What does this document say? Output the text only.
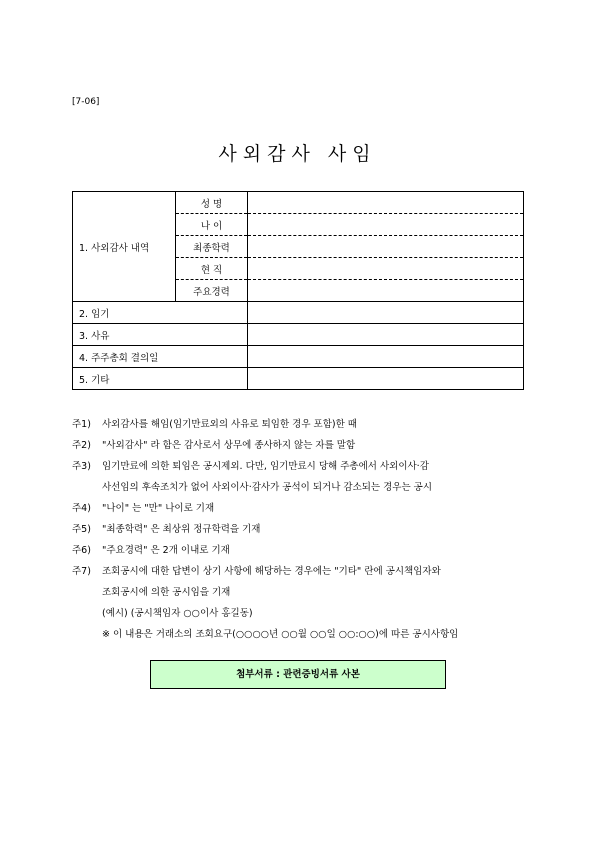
[7-06]
사외감사 사임
1. 사외감사 내역	성 명	
	나 이	
	최종학력	
	현 직	
	주요경력	
2. 임기		
3. 사유		
4. 주주총회 결의일		
5. 기타		
주1) 사외감사를 해임(임기만료외의 사유로 퇴임한 경우 포함)한 때
주2) "사외감사" 라 함은 감사로서 상무에 종사하지 않는 자를 말함
주3) 임기만료에 의한 퇴임은 공시제외. 다만, 임기만료시 당해 주총에서 사외이사·감
사선임의 후속조치가 없어 사외이사·감사가 공석이 되거나 감소되는 경우는 공시
주4) "나이" 는 "만" 나이로 기재
주5) "최종학력" 은 최상위 정규학력을 기재
주6) "주요경력" 은 2개 이내로 기재
주7) 조회공시에 대한 답변이 상기 사항에 해당하는 경우에는 "기타" 란에 공시책임자와
조회공시에 의한 공시임을 기재
(예시) (공시책임자 ○○이사 홍길동)
※ 이 내용은 거래소의 조회요구(○○○○년 ○○월 ○○일 ○○:○○)에 따른 공시사항임
첨부서류 : 관련증빙서류 사본
